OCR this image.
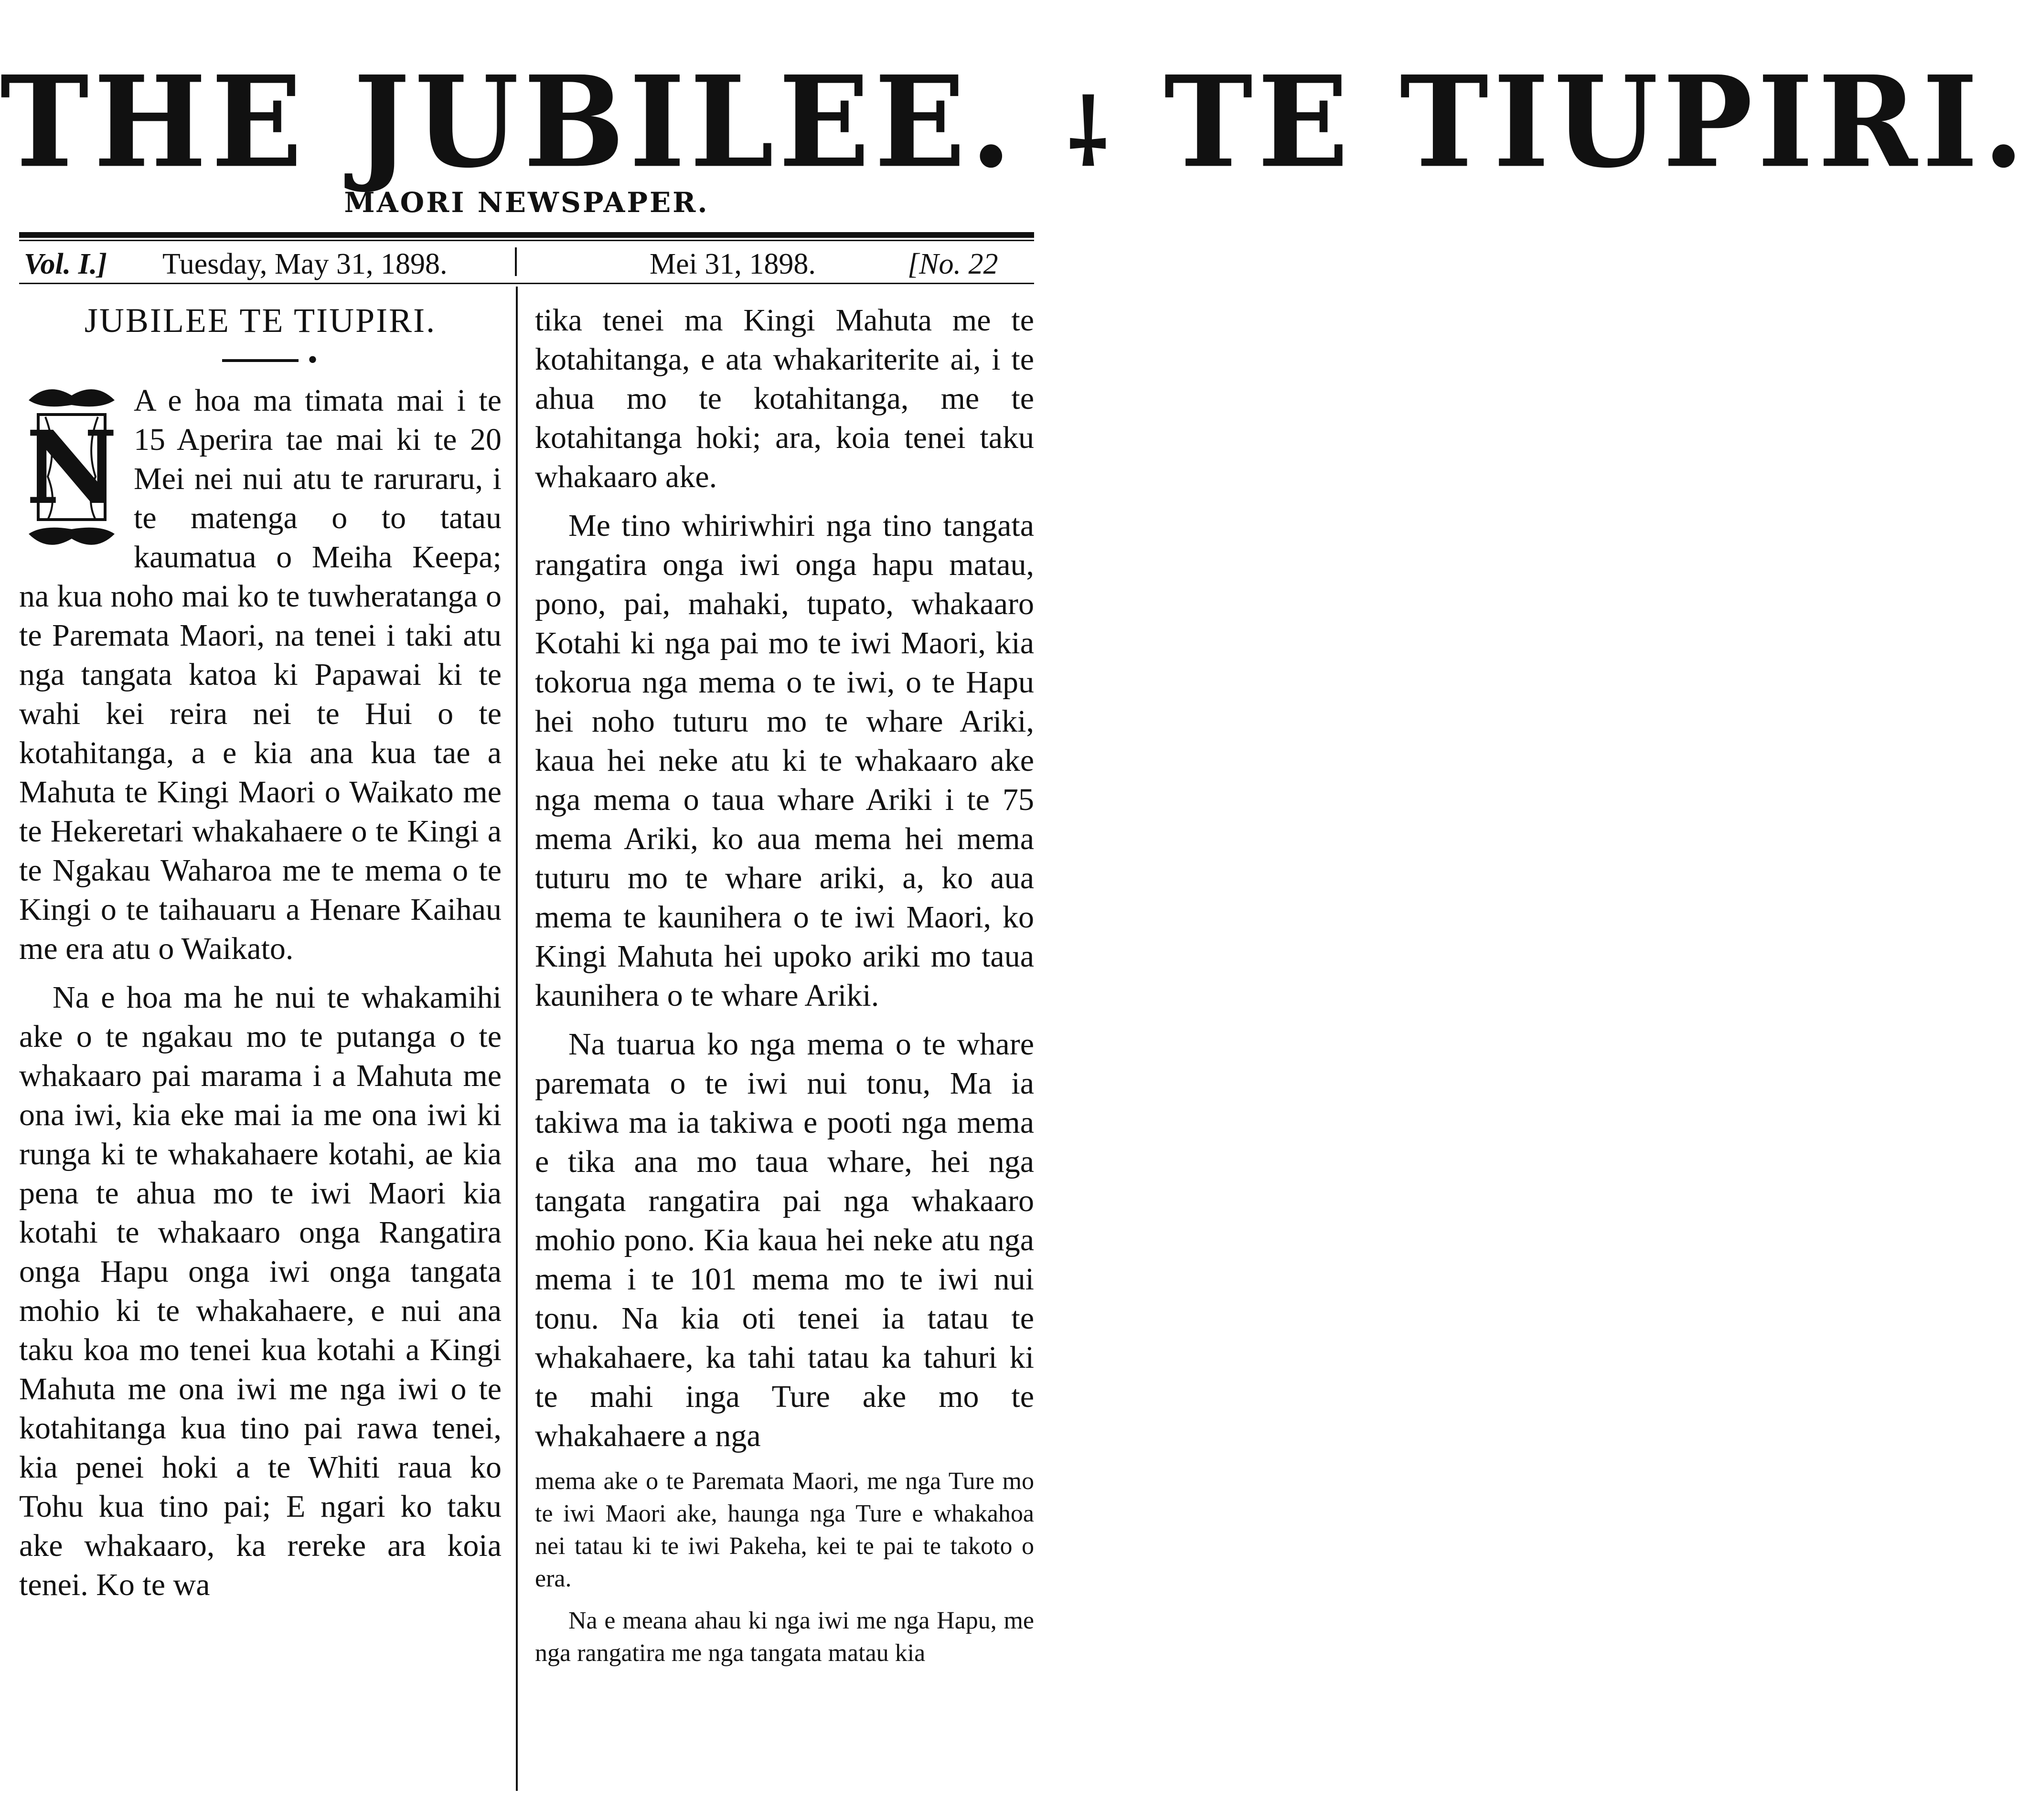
THE JUBILEE. ⸸ TE TIUPIRI.
MAORI NEWSPAPER.
Vol. I.] Tuesday, May 31, 1898.	Mei 31, 1898.	[No. 22
JUBILEE TE TIUPIRI.
•
N

A e hoa ma timata mai i te 15 Aperira tae mai ki te 20 Mei nei nui atu te raruraru, i te matenga o to tatau kaumatua o Meiha Keepa; na kua noho mai ko te tuwheratanga o te Paremata Maori, na tenei i taki atu nga tangata katoa ki Papawai ki te wahi kei reira nei te Hui o te kotahitanga, a e kia ana kua tae a Mahuta te Kingi Maori o Waikato me te Hekeretari whakahaere o te Kingi a te Ngakau Waharoa me te mema o te Kingi o te taihauaru a Henare Kaihau me era atu o Waikato.

Na e hoa ma he nui te whakamihi ake o te ngakau mo te putanga o te whakaaro pai marama i a Mahuta me ona iwi, kia eke mai ia me ona iwi ki runga ki te whakahaere kotahi, ae kia pena te ahua mo te iwi Maori kia kotahi te whakaaro onga Rangatira onga Hapu onga iwi onga tangata mohio ki te whakahaere, e nui ana taku koa mo tenei kua kotahi a Kingi Mahuta me ona iwi me nga iwi o te kotahitanga kua tino pai rawa tenei, kia penei hoki a te Whiti raua ko Tohu kua tino pai; E ngari ko taku ake whakaaro, ka rereke ara koia tenei. Ko te wa

tika tenei ma Kingi Mahuta me te kotahitanga, e ata whakariterite ai, i te ahua mo te kotahitanga, me te kotahitanga hoki; ara, koia tenei taku whakaaro ake.

Me tino whiriwhiri nga tino tangata rangatira onga iwi onga hapu matau, pono, pai, mahaki, tupato, whakaaro Kotahi ki nga pai mo te iwi Maori, kia tokorua nga mema o te iwi, o te Hapu hei noho tuturu mo te whare Ariki, kaua hei neke atu ki te whakaaro ake nga mema o taua whare Ariki i te 75 mema Ariki, ko aua mema hei mema tuturu mo te whare ariki, a, ko aua mema te kaunihera o te iwi Maori, ko Kingi Mahuta hei upoko ariki mo taua kaunihera o te whare Ariki.

Na tuarua ko nga mema o te whare paremata o te iwi nui tonu, Ma ia takiwa ma ia takiwa e pooti nga mema e tika ana mo taua whare, hei nga tangata rangatira pai nga whakaaro mohio pono. Kia kaua hei neke atu nga mema i te 101 mema mo te iwi nui tonu. Na kia oti tenei ia tatau te whakahaere, ka tahi tatau ka tahuri ki te mahi inga Ture ake mo te whakahaere a nga

mema ake o te Paremata Maori, me nga Ture mo te iwi Maori ake, haunga nga Ture e whakahoa nei tatau ki te iwi Pakeha, kei te pai te takoto o era.

Na e meana ahau ki nga iwi me nga Hapu, me nga rangatira me nga tangata matau kia
